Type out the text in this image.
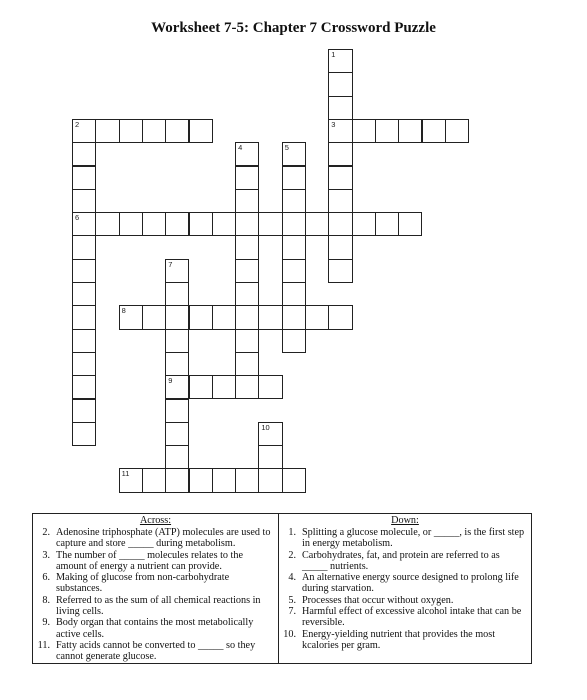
Worksheet 7-5: Chapter 7 Crossword Puzzle
1
3
2
6
4	5
7
9
8
10
11
Across:
2. Adenosine triphosphate (ATP) molecules are used to capture and store _____ during metabolism.
3. The number of _____ molecules relates to the amount of energy a nutrient can provide.
6. Making of glucose from non-carbohydrate substances.
8. Referred to as the sum of all chemical reactions in living cells.
9. Body organ that contains the most metabolically active cells.
11. Fatty acids cannot be converted to _____ so they cannot generate glucose.
Down:
1. Splitting a glucose molecule, or _____, is the first step in energy metabolism.
2. Carbohydrates, fat, and protein are referred to as _____ nutrients.
4. An alternative energy source designed to prolong life during starvation.
5. Processes that occur without oxygen.
7. Harmful effect of excessive alcohol intake that can be reversible.
10. Energy-yielding nutrient that provides the most kcalories per gram.
